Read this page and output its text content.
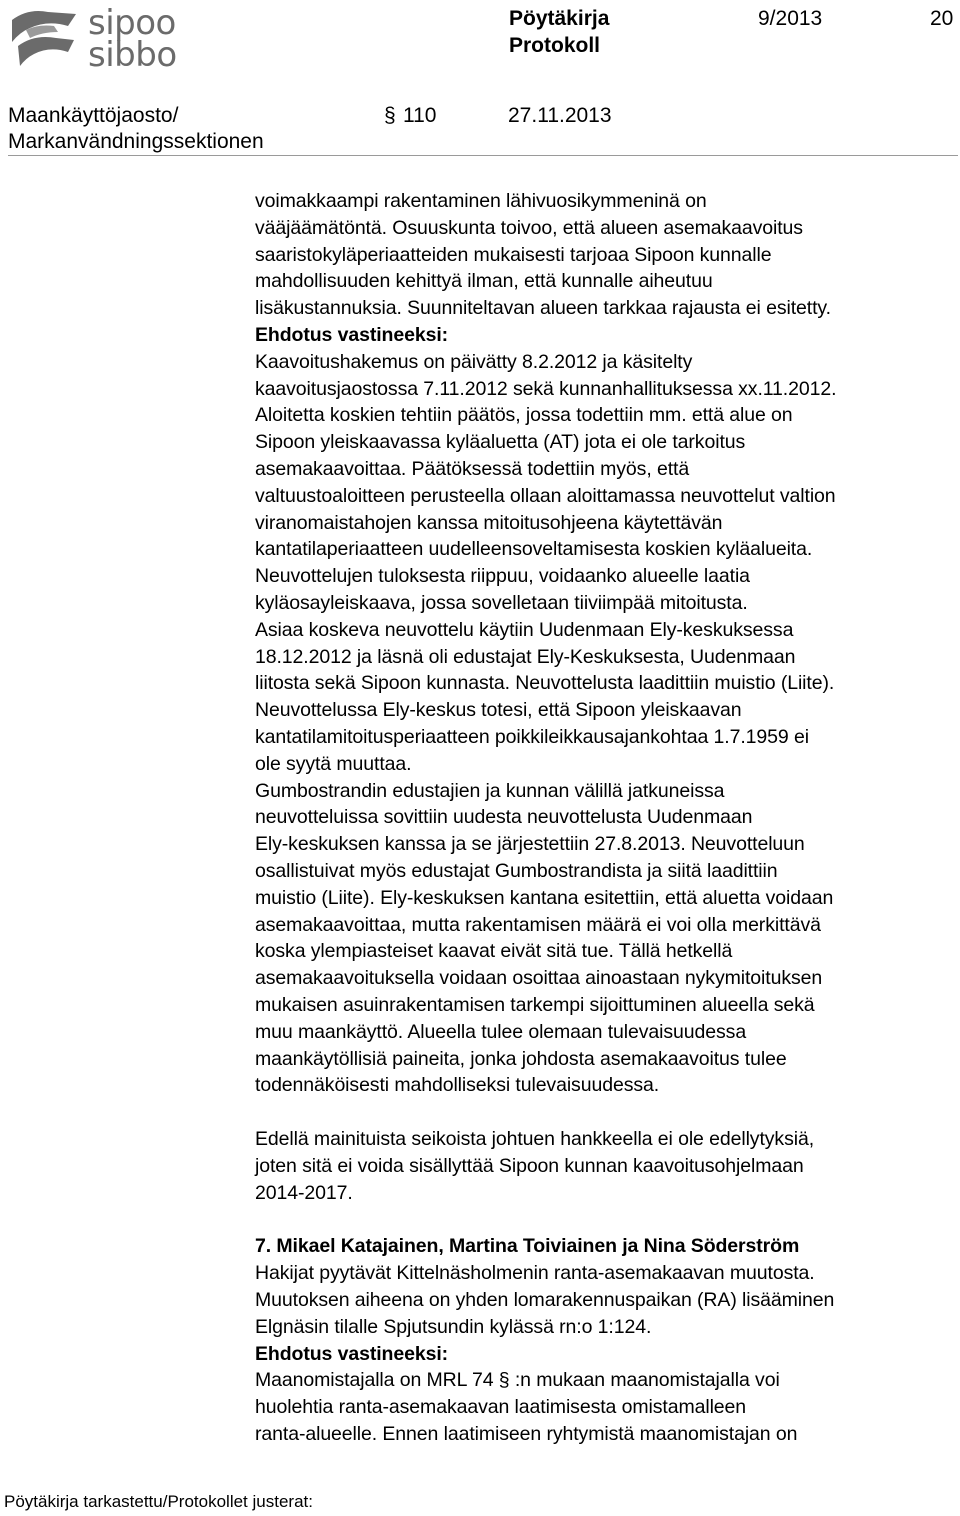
sipoo
sibbo
Pöytäkirja
Protokoll
9/2013	20
Maankäyttöjaosto/
Markanvändningssektionen
§ 110	27.11.2013
voimakkaampi rakentaminen lähivuosikymmeninä on
vääjäämätöntä. Osuuskunta toivoo, että alueen asemakaavoitus
saaristokyläperiaatteiden mukaisesti tarjoaa Sipoon kunnalle
mahdollisuuden kehittyä ilman, että kunnalle aiheutuu
lisäkustannuksia. Suunniteltavan alueen tarkkaa rajausta ei esitetty.
Ehdotus vastineeksi:
Kaavoitushakemus on päivätty 8.2.2012 ja käsitelty
kaavoitusjaostossa 7.11.2012 sekä kunnanhallituksessa xx.11.2012.
Aloitetta koskien tehtiin päätös, jossa todettiin mm. että alue on
Sipoon yleiskaavassa kyläaluetta (AT) jota ei ole tarkoitus
asemakaavoittaa. Päätöksessä todettiin myös, että
valtuustoaloitteen perusteella ollaan aloittamassa neuvottelut valtion
viranomaistahojen kanssa mitoitusohjeena käytettävän
kantatilaperiaatteen uudelleensoveltamisesta koskien kyläalueita.
Neuvottelujen tuloksesta riippuu, voidaanko alueelle laatia
kyläosayleiskaava, jossa sovelletaan tiiviimpää mitoitusta.
Asiaa koskeva neuvottelu käytiin Uudenmaan Ely-keskuksessa
18.12.2012 ja läsnä oli edustajat Ely-Keskuksesta, Uudenmaan
liitosta sekä Sipoon kunnasta. Neuvottelusta laadittiin muistio (Liite).
Neuvottelussa Ely-keskus totesi, että Sipoon yleiskaavan
kantatilamitoitusperiaatteen poikkileikkausajankohtaa 1.7.1959 ei
ole syytä muuttaa.
Gumbostrandin edustajien ja kunnan välillä jatkuneissa
neuvotteluissa sovittiin uudesta neuvottelusta Uudenmaan
Ely-keskuksen kanssa ja se järjestettiin 27.8.2013. Neuvotteluun
osallistuivat myös edustajat Gumbostrandista ja siitä laadittiin
muistio (Liite). Ely-keskuksen kantana esitettiin, että aluetta voidaan
asemakaavoittaa, mutta rakentamisen määrä ei voi olla merkittävä
koska ylempiasteiset kaavat eivät sitä tue. Tällä hetkellä
asemakaavoituksella voidaan osoittaa ainoastaan nykymitoituksen
mukaisen asuinrakentamisen tarkempi sijoittuminen alueella sekä
muu maankäyttö. Alueella tulee olemaan tulevaisuudessa
maankäytöllisiä paineita, jonka johdosta asemakaavoitus tulee
todennäköisesti mahdolliseksi tulevaisuudessa.
Edellä mainituista seikoista johtuen hankkeella ei ole edellytyksiä,
joten sitä ei voida sisällyttää Sipoon kunnan kaavoitusohjelmaan
2014-2017.
7. Mikael Katajainen, Martina Toiviainen ja Nina Söderström
Hakijat pyytävät Kittelnäsholmenin ranta-asemakaavan muutosta.
Muutoksen aiheena on yhden lomarakennuspaikan (RA) lisääminen
Elgnäsin tilalle Spjutsundin kylässä rn:o 1:124.
Ehdotus vastineeksi:
Maanomistajalla on MRL 74 § :n mukaan maanomistajalla voi
huolehtia ranta-asemakaavan laatimisesta omistamalleen
ranta-alueelle. Ennen laatimiseen ryhtymistä maanomistajan on
Pöytäkirja tarkastettu/Protokollet justerat:
